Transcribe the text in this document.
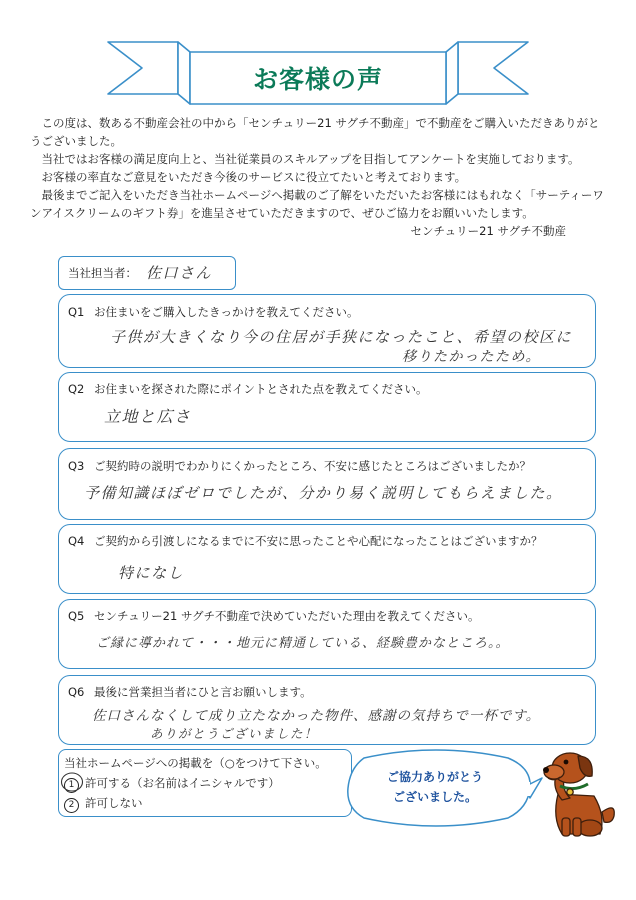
お客様の声

この度は、数ある不動産会社の中から「センチュリー21 サグチ不動産」で不動産をご購入いただきありがと

うございました。

当社ではお客様の満足度向上と、当社従業員のスキルアップを目指してアンケートを実施しております。

お客様の率直なご意見をいただき今後のサービスに役立てたいと考えております。

最後までご記入をいただき当社ホームページへ掲載のご了解をいただいたお客様にはもれなく「サーティーワ

ンアイスクリームのギフト券」を進呈させていただきますので、ぜひご協力をお願いいたします。

センチュリー21 サグチ不動産

当社担当者： 佐口さん
Q1 お住まいをご購入したきっかけを教えてください。
子供が大きくなり今の住居が手狭になったこと、希望の校区に
移りたかったため。
Q2 お住まいを探された際にポイントとされた点を教えてください。
立地と広さ
Q3 ご契約時の説明でわかりにくかったところ、不安に感じたところはございましたか？
予備知識ほぼゼロでしたが、分かり易く説明してもらえました。
Q4 ご契約から引渡しになるまでに不安に思ったことや心配になったことはございますか？
特になし
Q5 センチュリー21 サグチ不動産で決めていただいた理由を教えてください。
ご縁に導かれて・・・地元に精通している、経験豊かなところ。。
Q6 最後に営業担当者にひと言お願いします。
佐口さんなくして成り立たなかった物件、感謝の気持ちで一杯です。
ありがとうございました！
当社ホームページへの掲載を（○をつけて下さい。
1 許可する（お名前はイニシャルです）
2 許可しない
ご協力ありがとう
ございました。
